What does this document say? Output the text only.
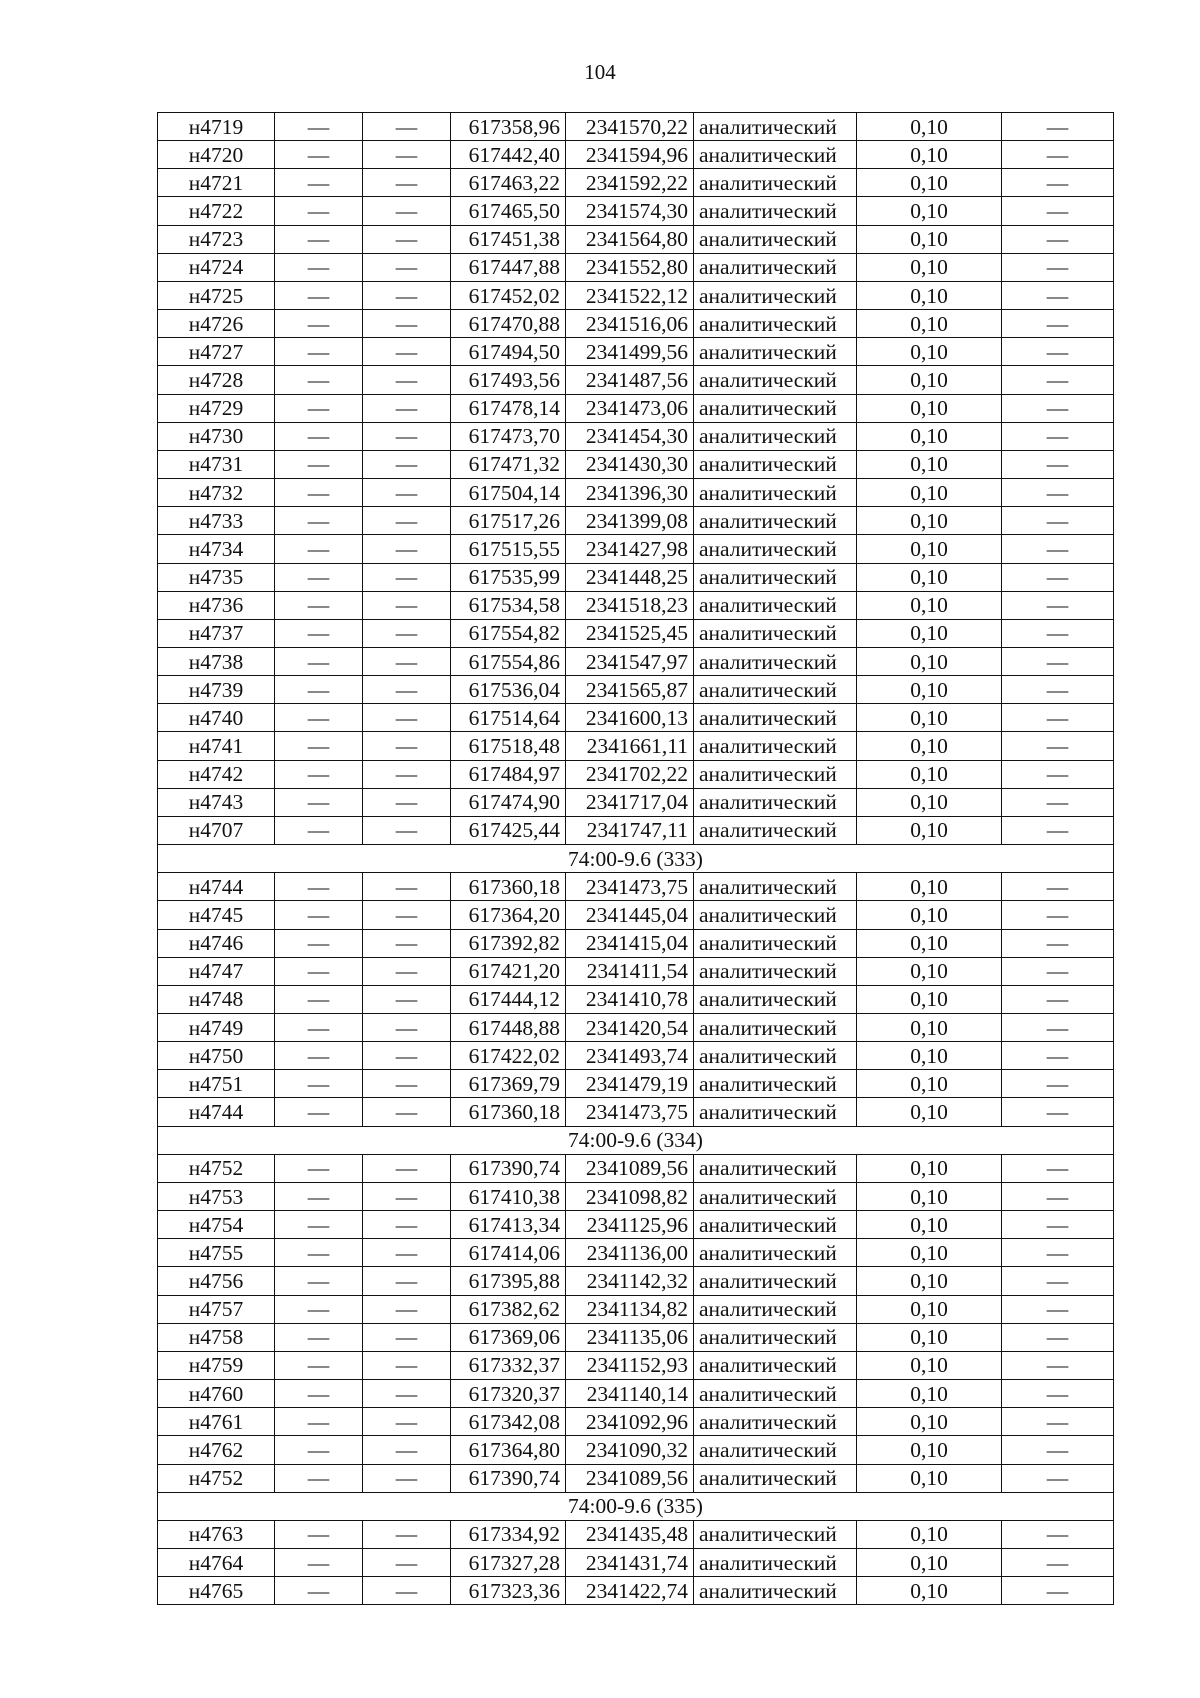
104
н4719	—	—	617358,96	2341570,22	аналитический	0,10	—
н4720	—	—	617442,40	2341594,96	аналитический	0,10	—
н4721	—	—	617463,22	2341592,22	аналитический	0,10	—
н4722	—	—	617465,50	2341574,30	аналитический	0,10	—
н4723	—	—	617451,38	2341564,80	аналитический	0,10	—
н4724	—	—	617447,88	2341552,80	аналитический	0,10	—
н4725	—	—	617452,02	2341522,12	аналитический	0,10	—
н4726	—	—	617470,88	2341516,06	аналитический	0,10	—
н4727	—	—	617494,50	2341499,56	аналитический	0,10	—
н4728	—	—	617493,56	2341487,56	аналитический	0,10	—
н4729	—	—	617478,14	2341473,06	аналитический	0,10	—
н4730	—	—	617473,70	2341454,30	аналитический	0,10	—
н4731	—	—	617471,32	2341430,30	аналитический	0,10	—
н4732	—	—	617504,14	2341396,30	аналитический	0,10	—
н4733	—	—	617517,26	2341399,08	аналитический	0,10	—
н4734	—	—	617515,55	2341427,98	аналитический	0,10	—
н4735	—	—	617535,99	2341448,25	аналитический	0,10	—
н4736	—	—	617534,58	2341518,23	аналитический	0,10	—
н4737	—	—	617554,82	2341525,45	аналитический	0,10	—
н4738	—	—	617554,86	2341547,97	аналитический	0,10	—
н4739	—	—	617536,04	2341565,87	аналитический	0,10	—
н4740	—	—	617514,64	2341600,13	аналитический	0,10	—
н4741	—	—	617518,48	2341661,11	аналитический	0,10	—
н4742	—	—	617484,97	2341702,22	аналитический	0,10	—
н4743	—	—	617474,90	2341717,04	аналитический	0,10	—
н4707	—	—	617425,44	2341747,11	аналитический	0,10	—
74:00-9.6 (333)							
н4744	—	—	617360,18	2341473,75	аналитический	0,10	—
н4745	—	—	617364,20	2341445,04	аналитический	0,10	—
н4746	—	—	617392,82	2341415,04	аналитический	0,10	—
н4747	—	—	617421,20	2341411,54	аналитический	0,10	—
н4748	—	—	617444,12	2341410,78	аналитический	0,10	—
н4749	—	—	617448,88	2341420,54	аналитический	0,10	—
н4750	—	—	617422,02	2341493,74	аналитический	0,10	—
н4751	—	—	617369,79	2341479,19	аналитический	0,10	—
н4744	—	—	617360,18	2341473,75	аналитический	0,10	—
74:00-9.6 (334)							
н4752	—	—	617390,74	2341089,56	аналитический	0,10	—
н4753	—	—	617410,38	2341098,82	аналитический	0,10	—
н4754	—	—	617413,34	2341125,96	аналитический	0,10	—
н4755	—	—	617414,06	2341136,00	аналитический	0,10	—
н4756	—	—	617395,88	2341142,32	аналитический	0,10	—
н4757	—	—	617382,62	2341134,82	аналитический	0,10	—
н4758	—	—	617369,06	2341135,06	аналитический	0,10	—
н4759	—	—	617332,37	2341152,93	аналитический	0,10	—
н4760	—	—	617320,37	2341140,14	аналитический	0,10	—
н4761	—	—	617342,08	2341092,96	аналитический	0,10	—
н4762	—	—	617364,80	2341090,32	аналитический	0,10	—
н4752	—	—	617390,74	2341089,56	аналитический	0,10	—
74:00-9.6 (335)							
н4763	—	—	617334,92	2341435,48	аналитический	0,10	—
н4764	—	—	617327,28	2341431,74	аналитический	0,10	—
н4765	—	—	617323,36	2341422,74	аналитический	0,10	—
